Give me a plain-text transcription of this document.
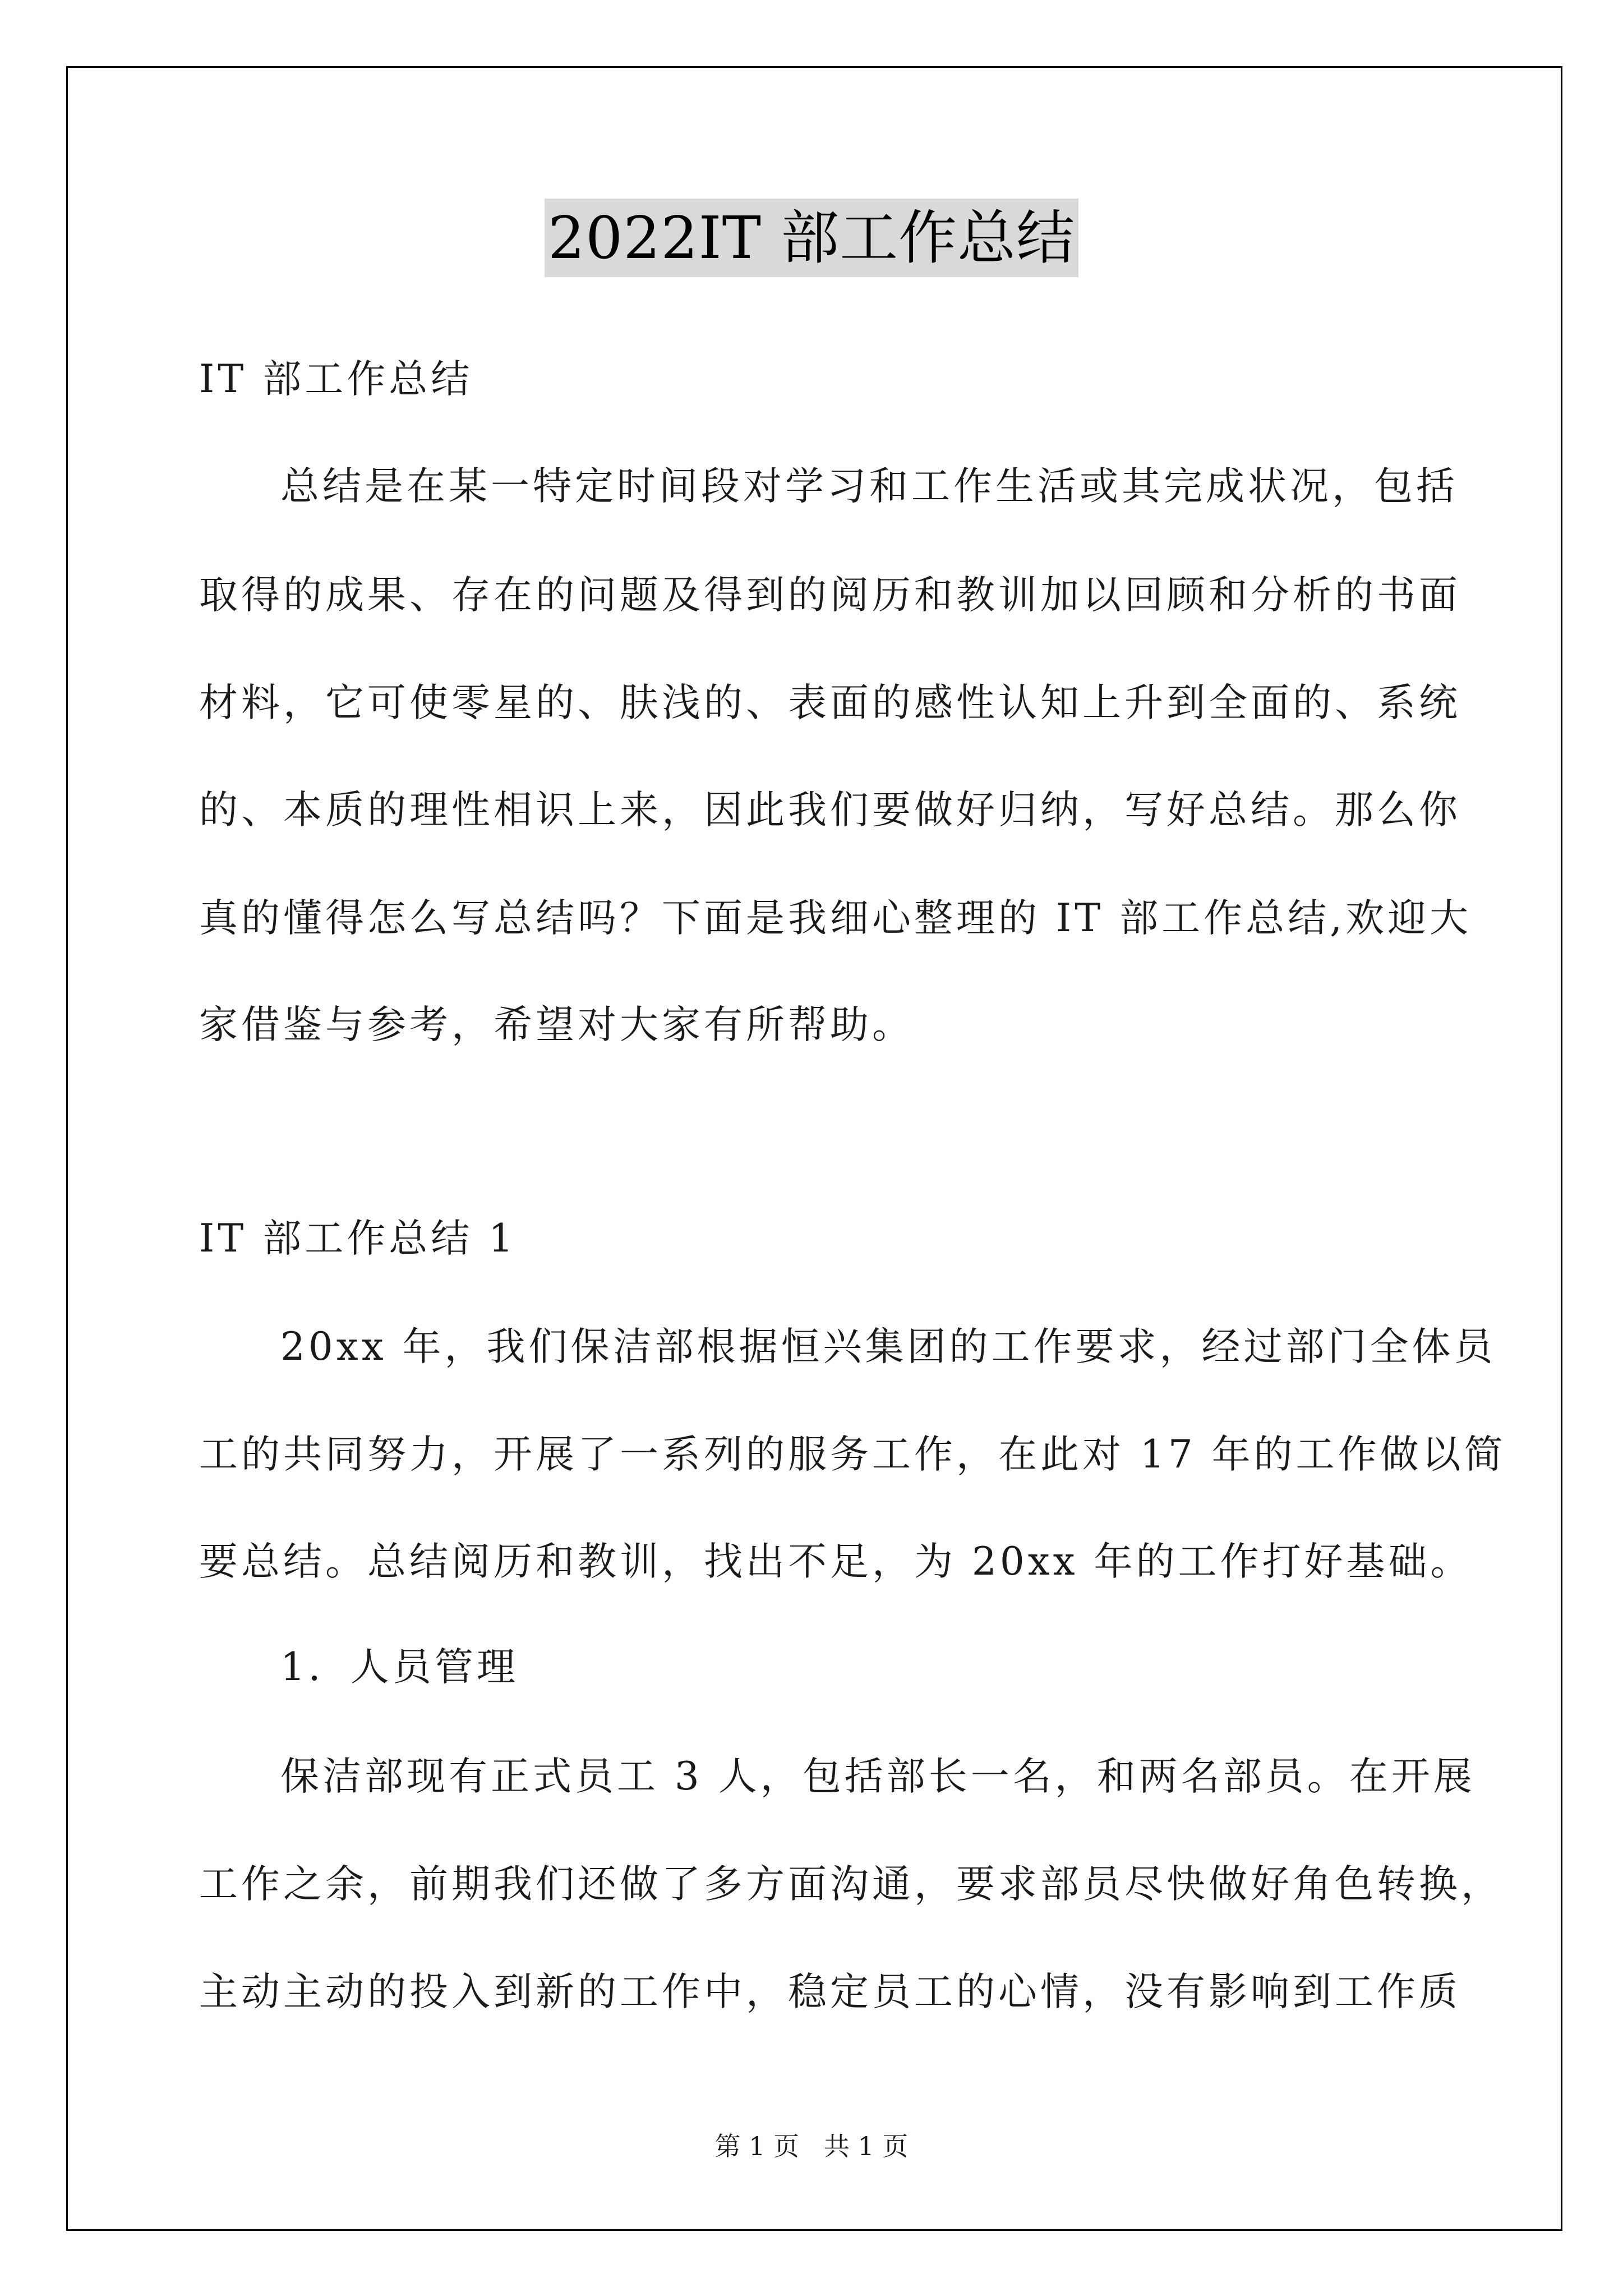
2022IT 部工作总结
IT 部工作总结
总结是在某一特定时间段对学习和工作生活或其完成状况，包括
取得的成果、存在的问题及得到的阅历和教训加以回顾和分析的书面
材料，它可使零星的、肤浅的、表面的感性认知上升到全面的、系统
的、本质的理性相识上来，因此我们要做好归纳，写好总结。那么你
真的懂得怎么写总结吗？下面是我细心整理的 IT 部工作总结,欢迎大
家借鉴与参考，希望对大家有所帮助。
IT 部工作总结 1
20xx 年，我们保洁部根据恒兴集团的工作要求，经过部门全体员
工的共同努力，开展了一系列的服务工作，在此对 17 年的工作做以简
要总结。总结阅历和教训，找出不足，为 20xx 年的工作打好基础。
1．人员管理
保洁部现有正式员工 3 人，包括部长一名，和两名部员。在开展
工作之余，前期我们还做了多方面沟通，要求部员尽快做好角色转换，
主动主动的投入到新的工作中，稳定员工的心情，没有影响到工作质
第 1 页   共 1 页
